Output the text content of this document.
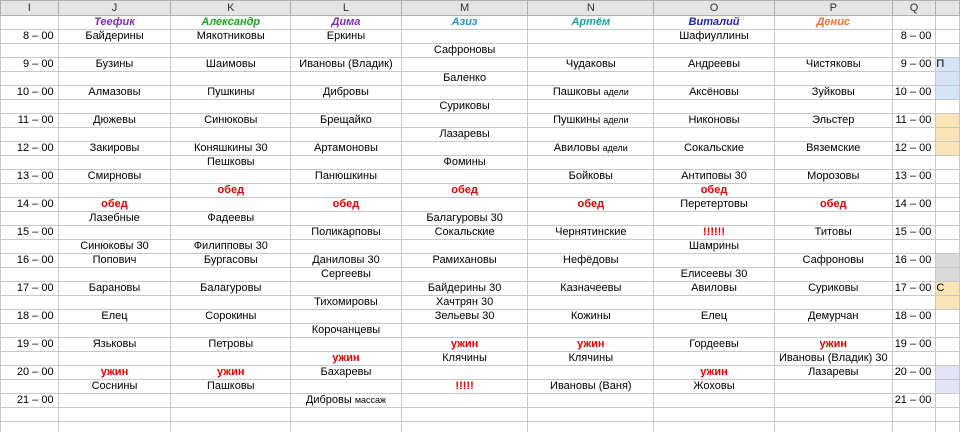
I	J	K	L	M	N	O	P	Q	
	Теефик	Александр	Дима	Азиз	Артём	Виталий	Денис		
8 – 00	Байдерины	Мякотниковы	Еркины			Шафиуллины		8 – 00	
				Сафроновы					
9 – 00	Бузины	Шаимовы	Ивановы (Владик)		Чудаковы	Андреевы	Чистяковы	9 – 00	П
				Баленко					
10 – 00	Алмазовы	Пушкины	Дибровы		Пашковы адели	Аксёновы	Зуйковы	10 – 00	
				Суриковы					
11 – 00	Дюжевы	Синюковы	Брещайко		Пушкины адели	Никоновы	Эльстер	11 – 00	
				Лазаревы					
12 – 00	Закировы	Коняшкины 30	Артамоновы		Авиловы адели	Сокальские	Вяземские	12 – 00	
		Пешковы		Фомины					
13 – 00	Смирновы		Панюшкины		Бойковы	Антиповы 30	Морозовы	13 – 00	
		обед		обед		обед			
14 – 00	обед		обед		обед	Перетертовы	обед	14 – 00	
	Лазебные	Фадеевы		Балагуровы 30					
15 – 00			Поликарповы	Сокальские	Чернятинские	!!!!!!	Титовы	15 – 00	
	Синюковы 30	Филипповы 30				Шамрины			
16 – 00	Попович	Бургасовы	Даниловы 30	Рамихановы	Нефёдовы		Сафроновы	16 – 00	
			Сергеевы			Елисеевы 30			
17 – 00	Барановы	Балагуровы		Байдерины 30	Казначеевы	Авиловы	Суриковы	17 – 00	С
			Тихомировы	Хачтрян 30					
18 – 00	Елец	Сорокины		Зельевы 30	Кожины	Елец	Демурчан	18 – 00	
			Корочанцевы						
19 – 00	Язьковы	Петровы		ужин	ужин	Гордеевы	ужин	19 – 00	
			ужин	Клячины	Клячины		Ивановы (Владик) 30		
20 – 00	ужин	ужин	Бахаревы			ужин	Лазаревы	20 – 00	
	Соснины	Пашковы		!!!!!	Ивановы (Ваня)	Жоховы			
21 – 00			Дибровы массаж					21 – 00	
